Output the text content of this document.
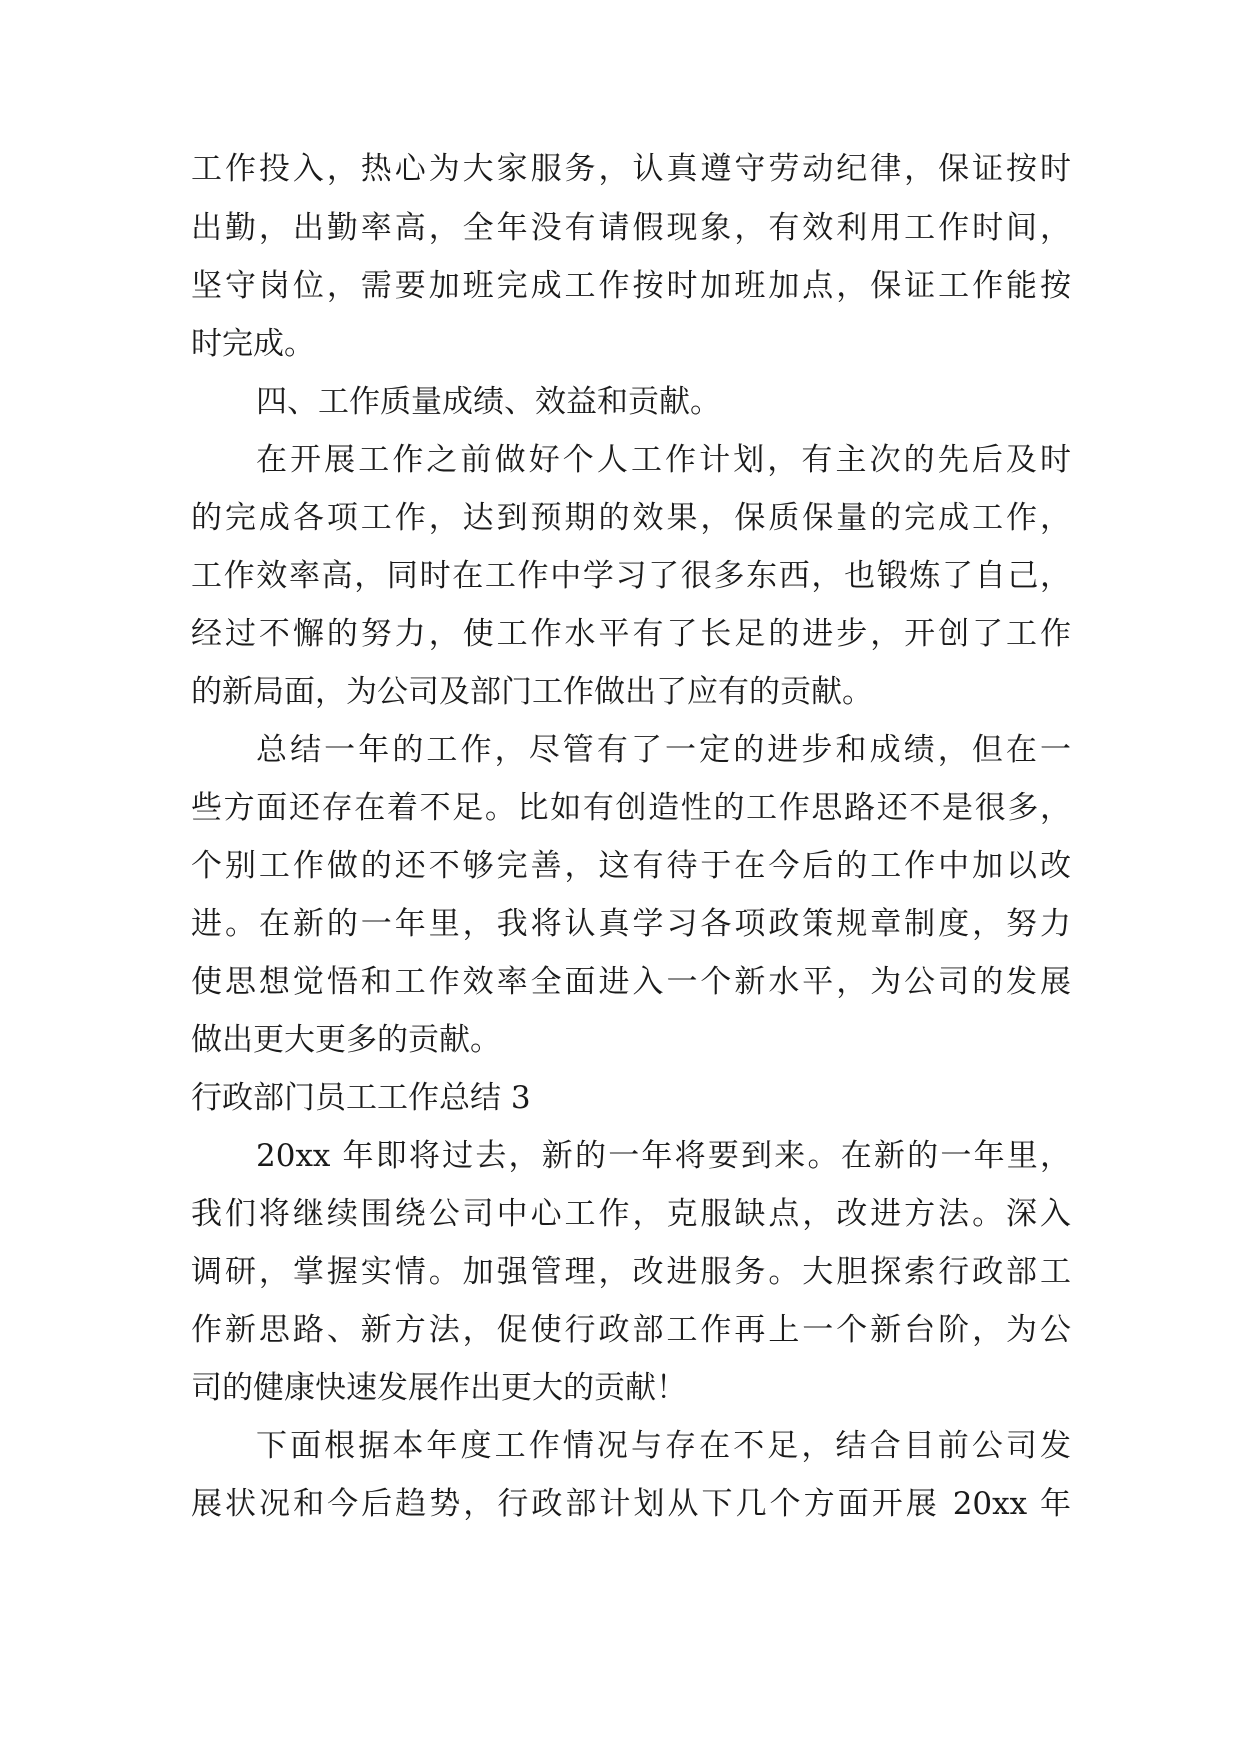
工作投入，热心为大家服务，认真遵守劳动纪律，保证按时

出勤，出勤率高，全年没有请假现象，有效利用工作时间，

坚守岗位，需要加班完成工作按时加班加点，保证工作能按

时完成。

四、工作质量成绩、效益和贡献。

在开展工作之前做好个人工作计划，有主次的先后及时

的完成各项工作，达到预期的效果，保质保量的完成工作，

工作效率高，同时在工作中学习了很多东西，也锻炼了自己，

经过不懈的努力，使工作水平有了长足的进步，开创了工作

的新局面，为公司及部门工作做出了应有的贡献。

总结一年的工作，尽管有了一定的进步和成绩，但在一

些方面还存在着不足。比如有创造性的工作思路还不是很多，

个别工作做的还不够完善，这有待于在今后的工作中加以改

进。在新的一年里，我将认真学习各项政策规章制度，努力

使思想觉悟和工作效率全面进入一个新水平，为公司的发展

做出更大更多的贡献。

行政部门员工工作总结 3

20xx 年即将过去，新的一年将要到来。在新的一年里，

我们将继续围绕公司中心工作，克服缺点，改进方法。深入

调研，掌握实情。加强管理，改进服务。大胆探索行政部工

作新思路、新方法，促使行政部工作再上一个新台阶，为公

司的健康快速发展作出更大的贡献！

下面根据本年度工作情况与存在不足，结合目前公司发

展状况和今后趋势，行政部计划从下几个方面开展 20xx 年
